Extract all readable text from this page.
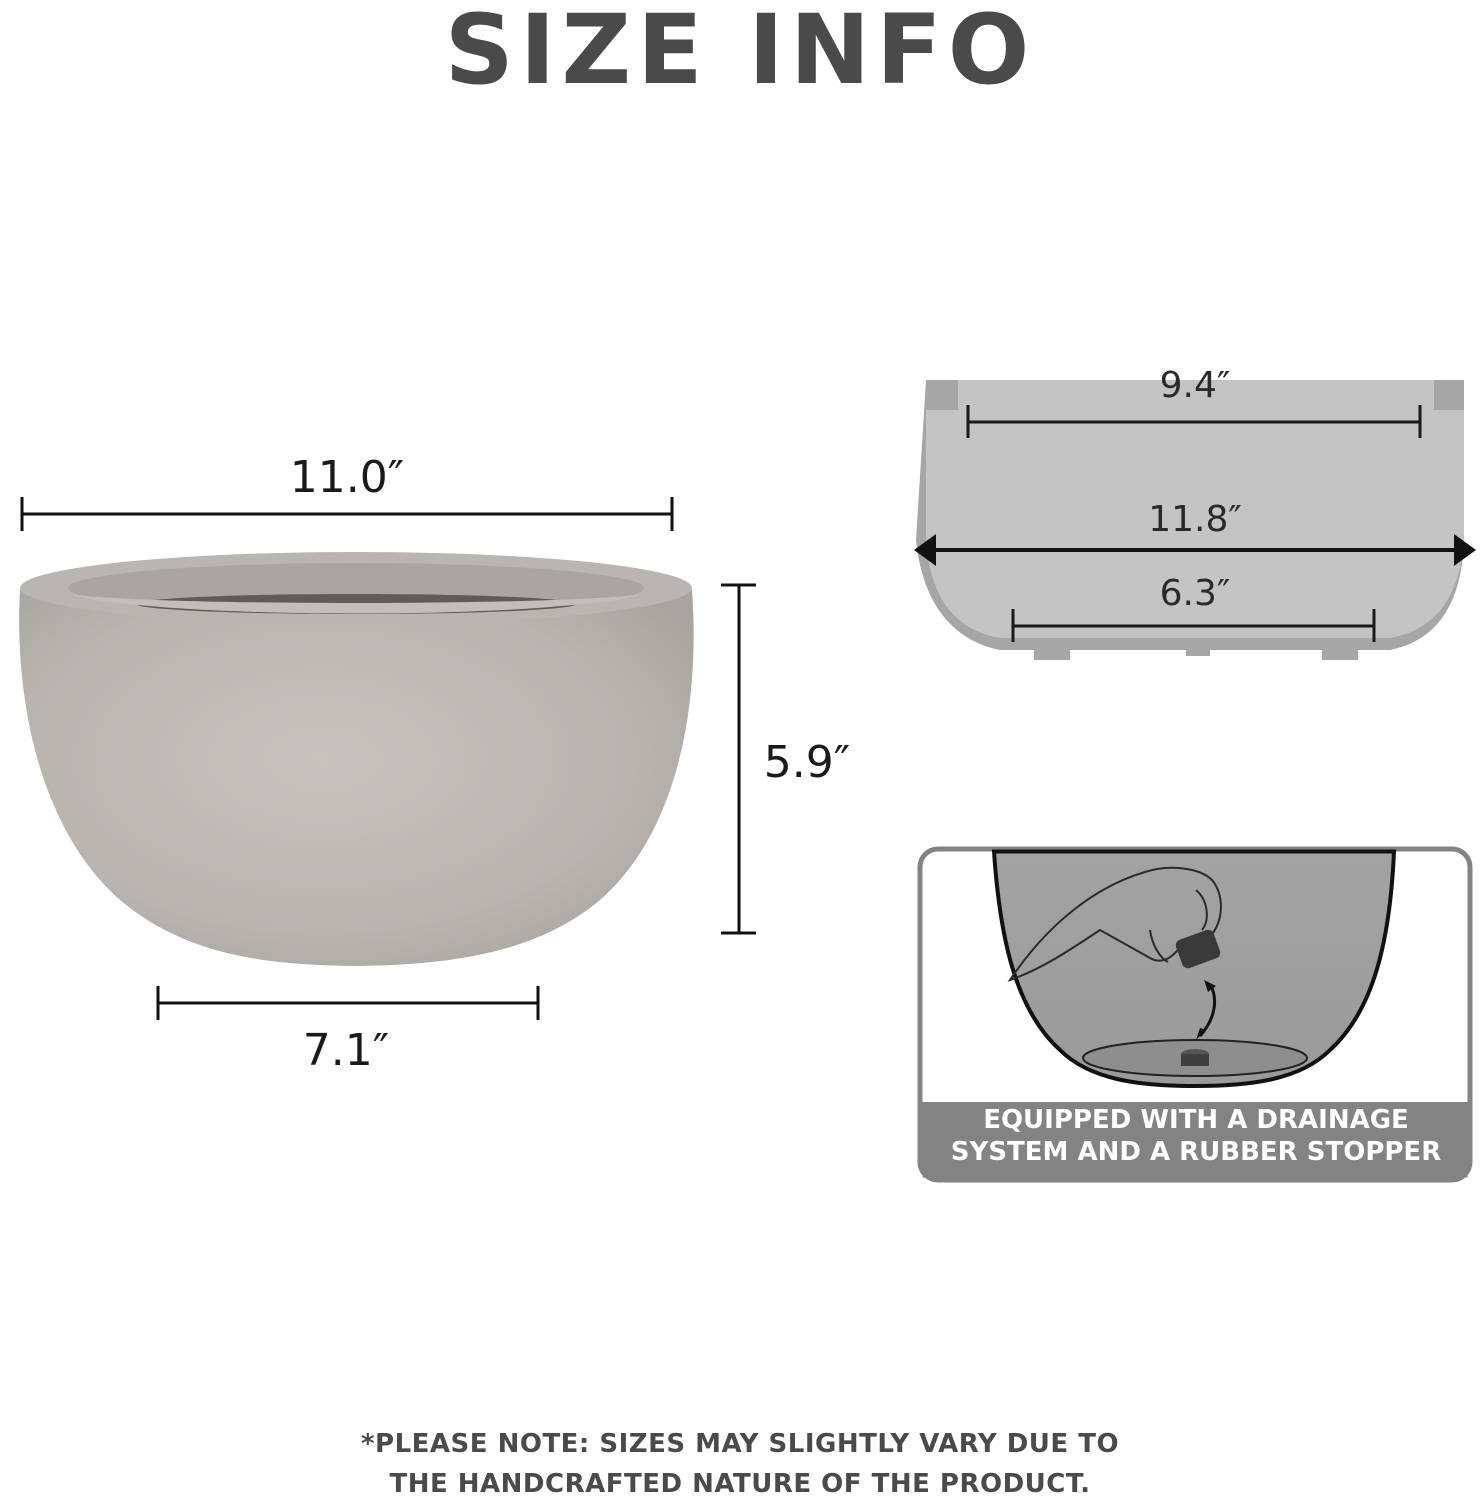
SIZE INFO
11.0″
5.9″
7.1″
9.4″
11.8″
6.3″
EQUIPPED WITH A DRAINAGE
SYSTEM AND A RUBBER STOPPER
*PLEASE NOTE: SIZES MAY SLIGHTLY VARY DUE TO
THE HANDCRAFTED NATURE OF THE PRODUCT.
